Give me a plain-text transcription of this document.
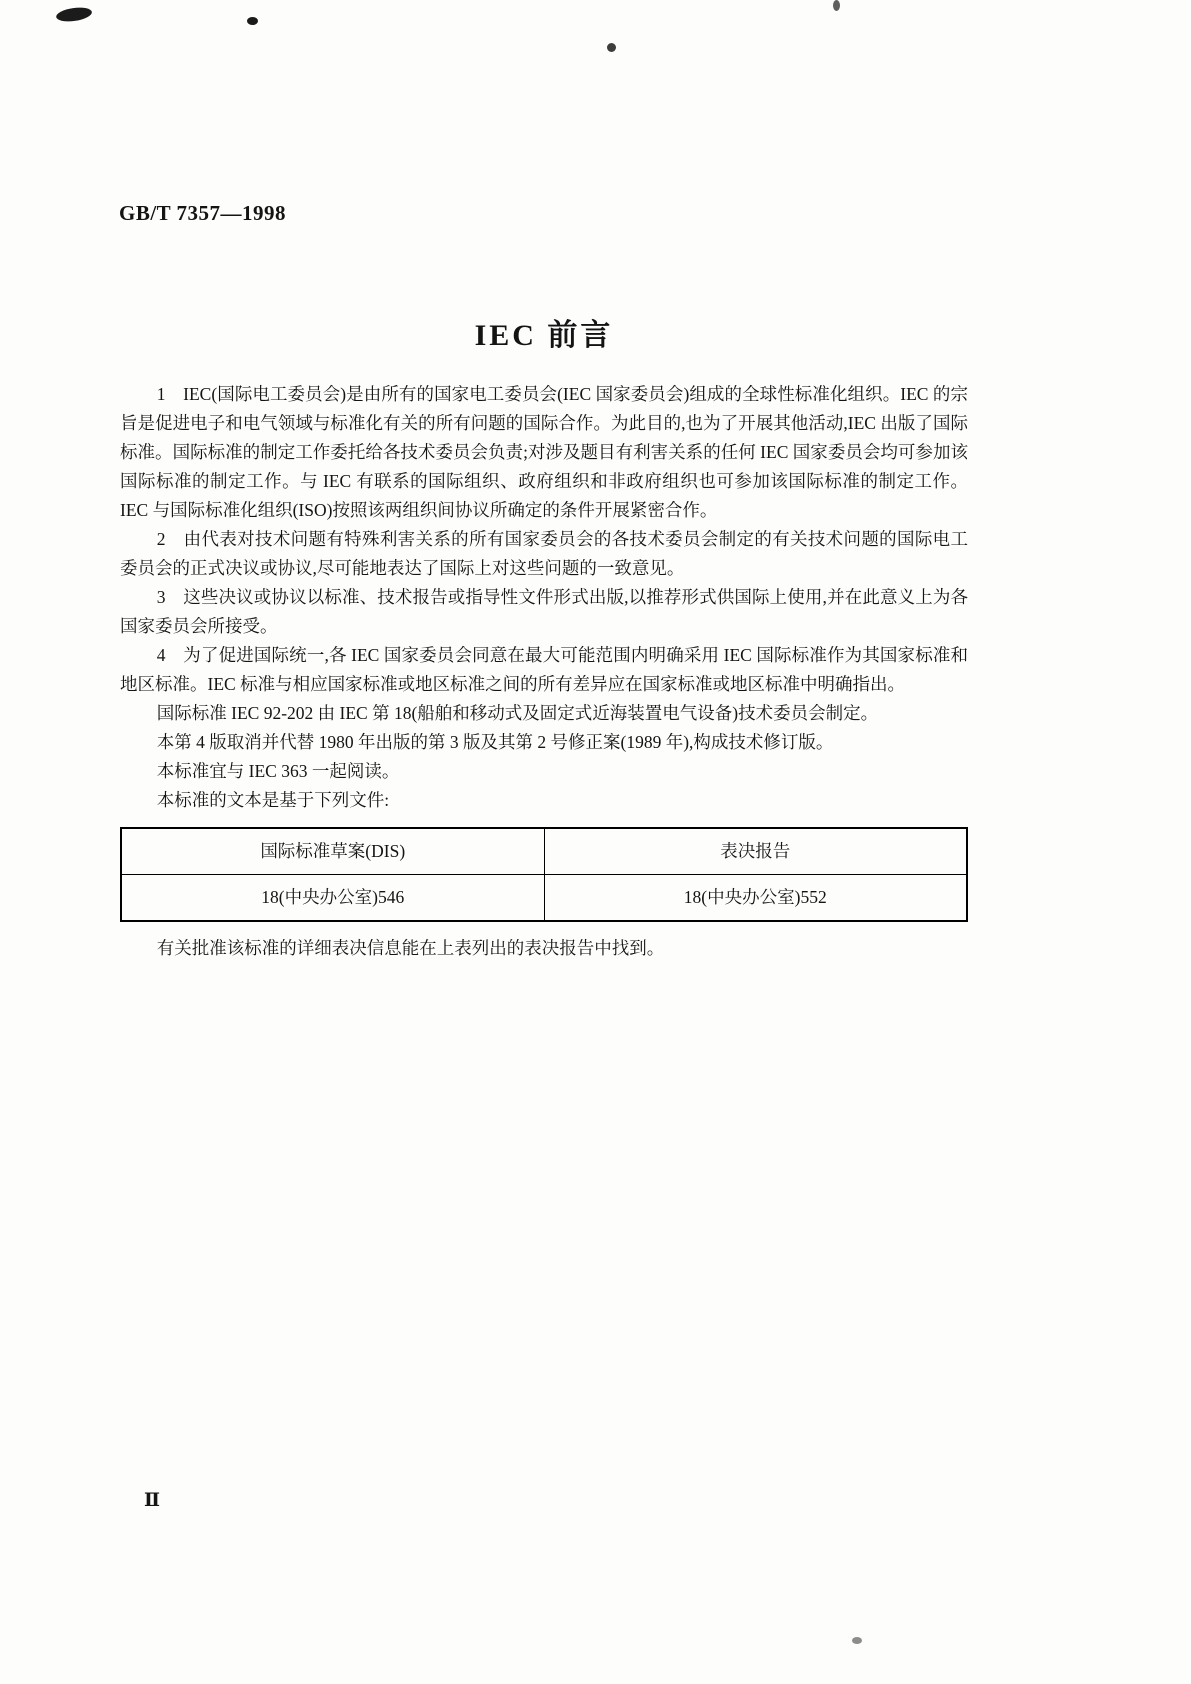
GB/T 7357—1998
IEC 前言

1　IEC(国际电工委员会)是由所有的国家电工委员会(IEC 国家委员会)组成的全球性标准化组织。IEC 的宗旨是促进电子和电气领域与标准化有关的所有问题的国际合作。为此目的,也为了开展其他活动,IEC 出版了国际标准。国际标准的制定工作委托给各技术委员会负责;对涉及题目有利害关系的任何 IEC 国家委员会均可参加该国际标准的制定工作。与 IEC 有联系的国际组织、政府组织和非政府组织也可参加该国际标准的制定工作。IEC 与国际标准化组织(ISO)按照该两组织间协议所确定的条件开展紧密合作。

2　由代表对技术问题有特殊利害关系的所有国家委员会的各技术委员会制定的有关技术问题的国际电工委员会的正式决议或协议,尽可能地表达了国际上对这些问题的一致意见。

3　这些决议或协议以标准、技术报告或指导性文件形式出版,以推荐形式供国际上使用,并在此意义上为各国家委员会所接受。

4　为了促进国际统一,各 IEC 国家委员会同意在最大可能范围内明确采用 IEC 国际标准作为其国家标准和地区标准。IEC 标准与相应国家标准或地区标准之间的所有差异应在国家标准或地区标准中明确指出。

国际标准 IEC 92-202 由 IEC 第 18(船舶和移动式及固定式近海装置电气设备)技术委员会制定。

本第 4 版取消并代替 1980 年出版的第 3 版及其第 2 号修正案(1989 年),构成技术修订版。

本标准宜与 IEC 363 一起阅读。

本标准的文本是基于下列文件:

国际标准草案(DIS)	表决报告
18(中央办公室)546	18(中央办公室)552

有关批准该标准的详细表决信息能在上表列出的表决报告中找到。

Ⅱ
